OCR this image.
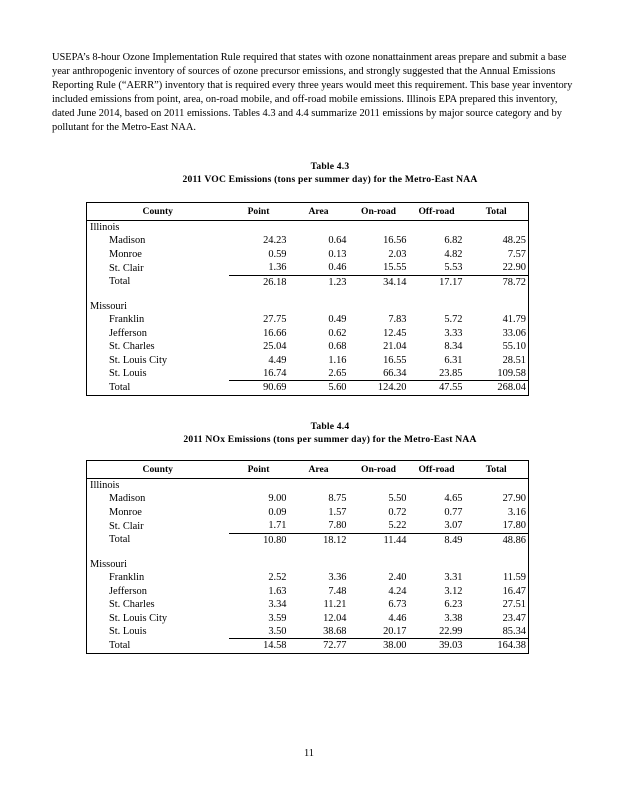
USEPA’s 8-hour Ozone Implementation Rule required that states with ozone nonattainment areas prepare and submit a base year anthropogenic inventory of sources of ozone precursor emissions, and strongly suggested that the Annual Emissions Reporting Rule (“AERR”) inventory that is required every three years would meet this requirement. This base year inventory included emissions from point, area, on-road mobile, and off-road mobile emissions. Illinois EPA prepared this inventory, dated June 2014, based on 2011 emissions. Tables 4.3 and 4.4 summarize 2011 emissions by major source category and by pollutant for the Metro-East NAA.

Table 4.3
2011 VOC Emissions (tons per summer day) for the Metro-East NAA
County	Point	Area	On-road	Off-road	Total
Illinois					
Madison	24.23	0.64	16.56	6.82	48.25
Monroe	0.59	0.13	2.03	4.82	7.57
St. Clair	1.36	0.46	15.55	5.53	22.90
Total	26.18	1.23	34.14	17.17	78.72

Missouri					
Franklin	27.75	0.49	7.83	5.72	41.79
Jefferson	16.66	0.62	12.45	3.33	33.06
St. Charles	25.04	0.68	21.04	8.34	55.10
St. Louis City	4.49	1.16	16.55	6.31	28.51
St. Louis	16.74	2.65	66.34	23.85	109.58
Total	90.69	5.60	124.20	47.55	268.04
Table 4.4
2011 NOx Emissions (tons per summer day) for the Metro-East NAA
County	Point	Area	On-road	Off-road	Total
Illinois					
Madison	9.00	8.75	5.50	4.65	27.90
Monroe	0.09	1.57	0.72	0.77	3.16
St. Clair	1.71	7.80	5.22	3.07	17.80
Total	10.80	18.12	11.44	8.49	48.86

Missouri					
Franklin	2.52	3.36	2.40	3.31	11.59
Jefferson	1.63	7.48	4.24	3.12	16.47
St. Charles	3.34	11.21	6.73	6.23	27.51
St. Louis City	3.59	12.04	4.46	3.38	23.47
St. Louis	3.50	38.68	20.17	22.99	85.34
Total	14.58	72.77	38.00	39.03	164.38
11
